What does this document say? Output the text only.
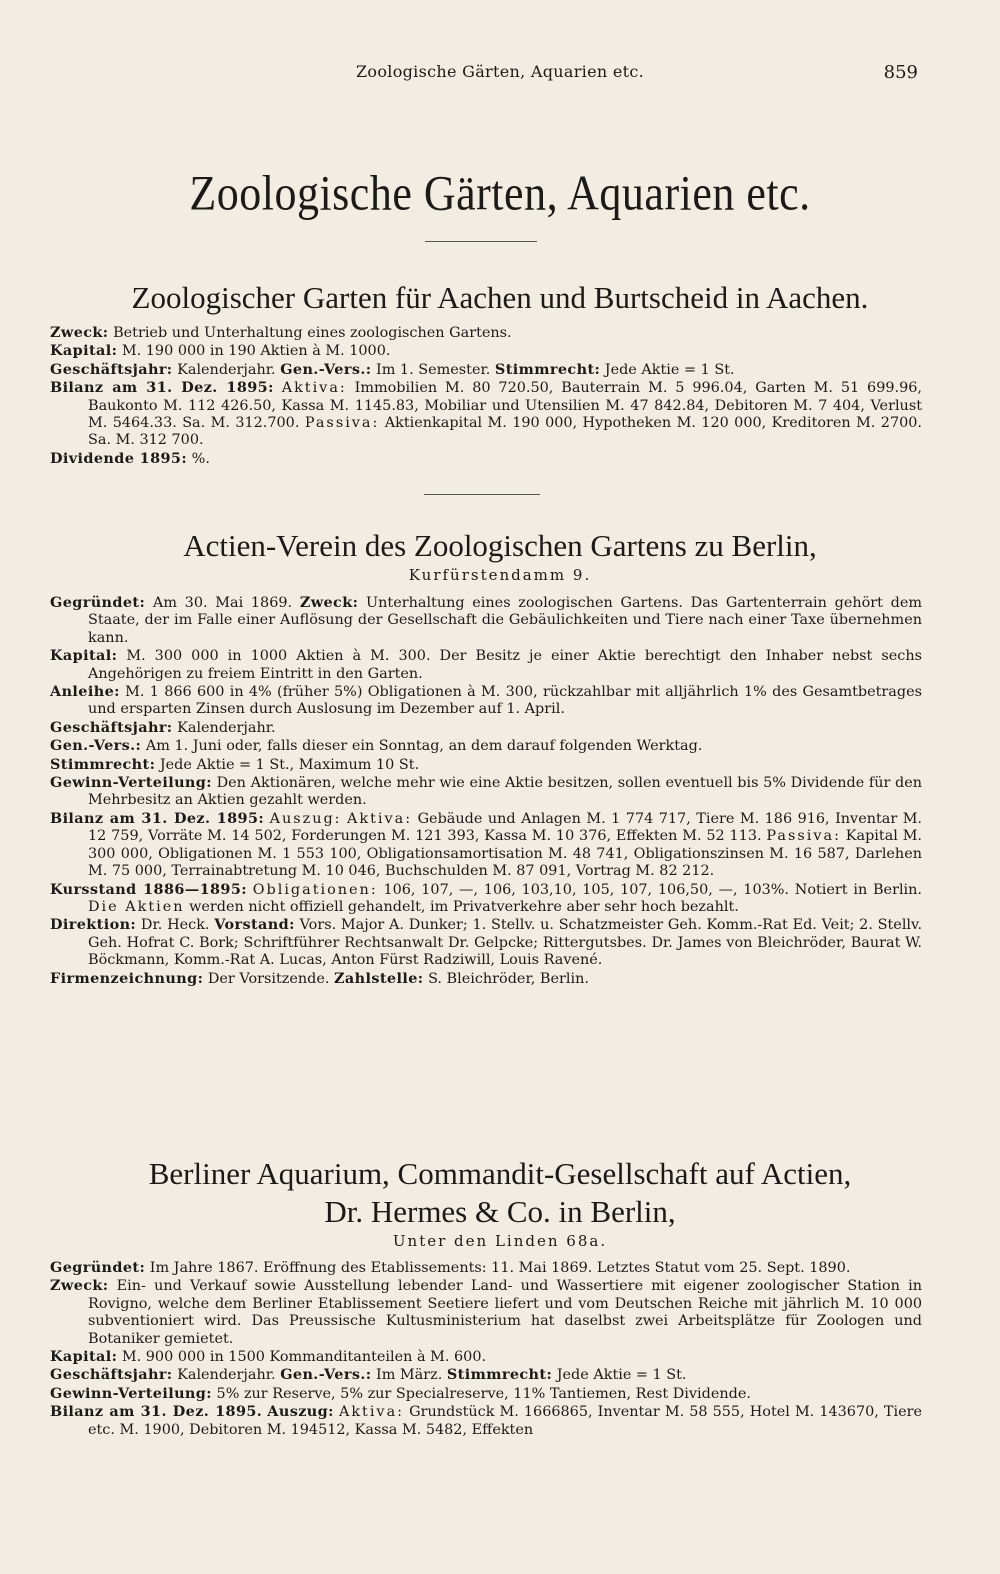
Zoologische Gärten, Aquarien etc.	859
Zoologische Gärten, Aquarien etc.
Zoologischer Garten für Aachen und Burtscheid in Aachen.

Zweck: Betrieb und Unterhaltung eines zoologischen Gartens.

Kapital: M. 190 000 in 190 Aktien à M. 1000.

Geschäftsjahr: Kalenderjahr. Gen.-Vers.: Im 1. Semester. Stimmrecht: Jede Aktie = 1 St.

Bilanz am 31. Dez. 1895: Aktiva: Immobilien M. 80 720.50, Bauterrain M. 5 996.04, Garten M. 51 699.96, Baukonto M. 112 426.50, Kassa M. 1145.83, Mobiliar und Utensilien M. 47 842.84, Debitoren M. 7 404, Verlust M. 5464.33. Sa. M. 312.700. Passiva: Aktienkapital M. 190 000, Hypotheken M. 120 000, Kreditoren M. 2700. Sa. M. 312 700.

Dividende 1895: %.

Actien-Verein des Zoologischen Gartens zu Berlin,
Kurfürstendamm 9.

Gegründet: Am 30. Mai 1869. Zweck: Unterhaltung eines zoologischen Gartens. Das Gartenterrain gehört dem Staate, der im Falle einer Auflösung der Gesellschaft die Gebäulichkeiten und Tiere nach einer Taxe übernehmen kann.

Kapital: M. 300 000 in 1000 Aktien à M. 300. Der Besitz je einer Aktie berechtigt den Inhaber nebst sechs Angehörigen zu freiem Eintritt in den Garten.

Anleihe: M. 1 866 600 in 4% (früher 5%) Obligationen à M. 300, rückzahlbar mit alljährlich 1% des Gesamtbetrages und ersparten Zinsen durch Auslosung im Dezember auf 1. April.

Geschäftsjahr: Kalenderjahr.

Gen.-Vers.: Am 1. Juni oder, falls dieser ein Sonntag, an dem darauf folgenden Werktag.

Stimmrecht: Jede Aktie = 1 St., Maximum 10 St.

Gewinn-Verteilung: Den Aktionären, welche mehr wie eine Aktie besitzen, sollen eventuell bis 5% Dividende für den Mehrbesitz an Aktien gezahlt werden.

Bilanz am 31. Dez. 1895: Auszug: Aktiva: Gebäude und Anlagen M. 1 774 717, Tiere M. 186 916, Inventar M. 12 759, Vorräte M. 14 502, Forderungen M. 121 393, Kassa M. 10 376, Effekten M. 52 113. Passiva: Kapital M. 300 000, Obligationen M. 1 553 100, Obligationsamortisation M. 48 741, Obligationszinsen M. 16 587, Darlehen M. 75 000, Terrainabtretung M. 10 046, Buchschulden M. 87 091, Vortrag M. 82 212.

Kursstand 1886—1895: Obligationen: 106, 107, —, 106, 103,10, 105, 107, 106,50, —, 103%. Notiert in Berlin. Die Aktien werden nicht offiziell gehandelt, im Privatverkehre aber sehr hoch bezahlt.

Direktion: Dr. Heck. Vorstand: Vors. Major A. Dunker; 1. Stellv. u. Schatzmeister Geh. Komm.-Rat Ed. Veit; 2. Stellv. Geh. Hofrat C. Bork; Schriftführer Rechtsanwalt Dr. Gelpcke; Rittergutsbes. Dr. James von Bleichröder, Baurat W. Böckmann, Komm.-Rat A. Lucas, Anton Fürst Radziwill, Louis Ravené.

Firmenzeichnung: Der Vorsitzende. Zahlstelle: S. Bleichröder, Berlin.

Berliner Aquarium, Commandit-Gesellschaft auf Actien,
Dr. Hermes & Co. in Berlin,
Unter den Linden 68a.

Gegründet: Im Jahre 1867. Eröffnung des Etablissements: 11. Mai 1869. Letztes Statut vom 25. Sept. 1890.

Zweck: Ein- und Verkauf sowie Ausstellung lebender Land- und Wassertiere mit eigener zoologischer Station in Rovigno, welche dem Berliner Etablissement Seetiere liefert und vom Deutschen Reiche mit jährlich M. 10 000 subventioniert wird. Das Preussische Kultusministerium hat daselbst zwei Arbeitsplätze für Zoologen und Botaniker gemietet.

Kapital: M. 900 000 in 1500 Kommanditanteilen à M. 600.

Geschäftsjahr: Kalenderjahr. Gen.-Vers.: Im März. Stimmrecht: Jede Aktie = 1 St.

Gewinn-Verteilung: 5% zur Reserve, 5% zur Specialreserve, 11% Tantiemen, Rest Dividende.

Bilanz am 31. Dez. 1895. Auszug: Aktiva: Grundstück M. 1666865, Inventar M. 58 555, Hotel M. 143670, Tiere etc. M. 1900, Debitoren M. 194512, Kassa M. 5482, Effekten
